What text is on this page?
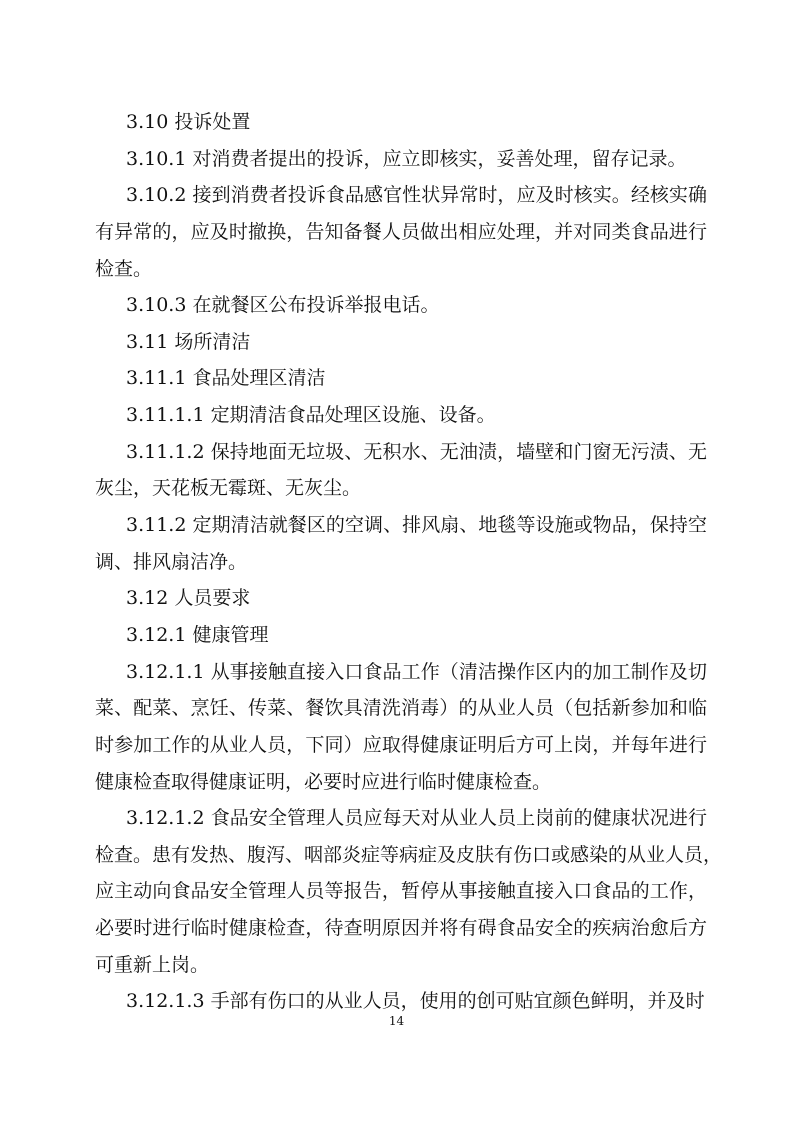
3.10 投诉处置
3.10.1 对消费者提出的投诉，应立即核实，妥善处理，留存记录。
3.10.2 接到消费者投诉食品感官性状异常时，应及时核实。经核实确
有异常的，应及时撤换，告知备餐人员做出相应处理，并对同类食品进行
检查。
3.10.3 在就餐区公布投诉举报电话。
3.11 场所清洁
3.11.1 食品处理区清洁
3.11.1.1 定期清洁食品处理区设施、设备。
3.11.1.2 保持地面无垃圾、无积水、无油渍，墙壁和门窗无污渍、无
灰尘，天花板无霉斑、无灰尘。
3.11.2 定期清洁就餐区的空调、排风扇、地毯等设施或物品，保持空
调、排风扇洁净。
3.12 人员要求
3.12.1 健康管理
3.12.1.1 从事接触直接入口食品工作（清洁操作区内的加工制作及切
菜、配菜、烹饪、传菜、餐饮具清洗消毒）的从业人员（包括新参加和临
时参加工作的从业人员，下同）应取得健康证明后方可上岗，并每年进行
健康检查取得健康证明，必要时应进行临时健康检查。
3.12.1.2 食品安全管理人员应每天对从业人员上岗前的健康状况进行
检查。患有发热、腹泻、咽部炎症等病症及皮肤有伤口或感染的从业人员，
应主动向食品安全管理人员等报告，暂停从事接触直接入口食品的工作，
必要时进行临时健康检查，待查明原因并将有碍食品安全的疾病治愈后方
可重新上岗。
3.12.1.3 手部有伤口的从业人员，使用的创可贴宜颜色鲜明，并及时
14
